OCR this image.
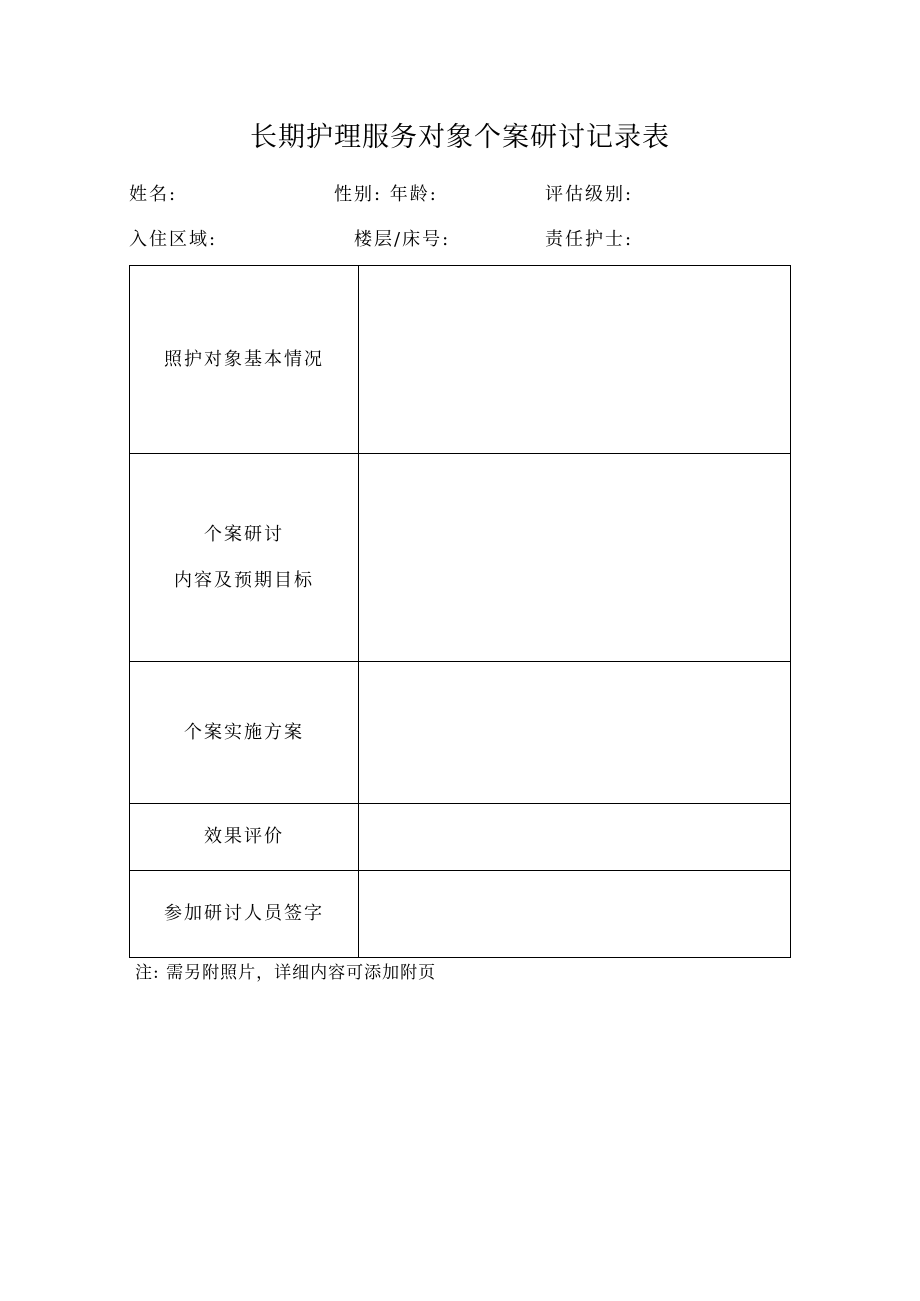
长期护理服务对象个案研讨记录表
姓名:	性别: 年龄:	评估级别:
入住区域:	楼层/床号:	责任护士:
照护对象基本情况	

个案研讨
内容及预期目标	

个案实施方案	

效果评价	

参加研讨人员签字	

注: 需另附照片，详细内容可添加附页
